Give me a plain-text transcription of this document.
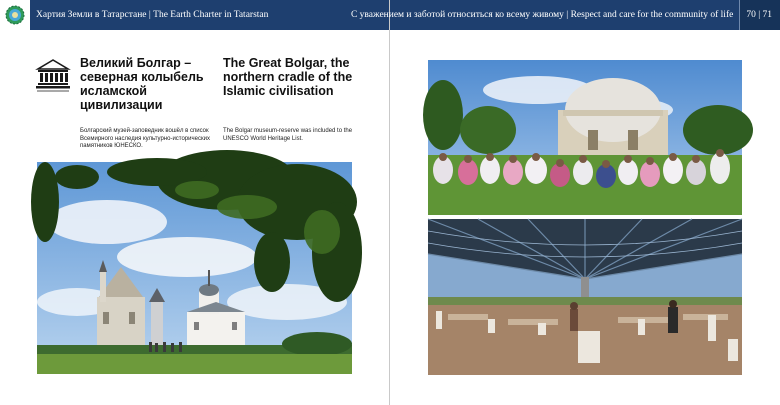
Хартия Земли в Татарстане | The Earth Charter in Tatarstan
Великий Болгар – северная колыбель исламской цивилизации
The Great Bolgar, the northern cradle of the Islamic civilisation
Болгарский музей-заповедник вошёл в список Всемирного наследия культурно-исторических памятников ЮНЕСКО.
The Bolgar museum-reserve was included to the UNESCO World Heritage List.
С уважением и заботой относиться ко всему живому | Respect and care for the community of life	70 | 71
